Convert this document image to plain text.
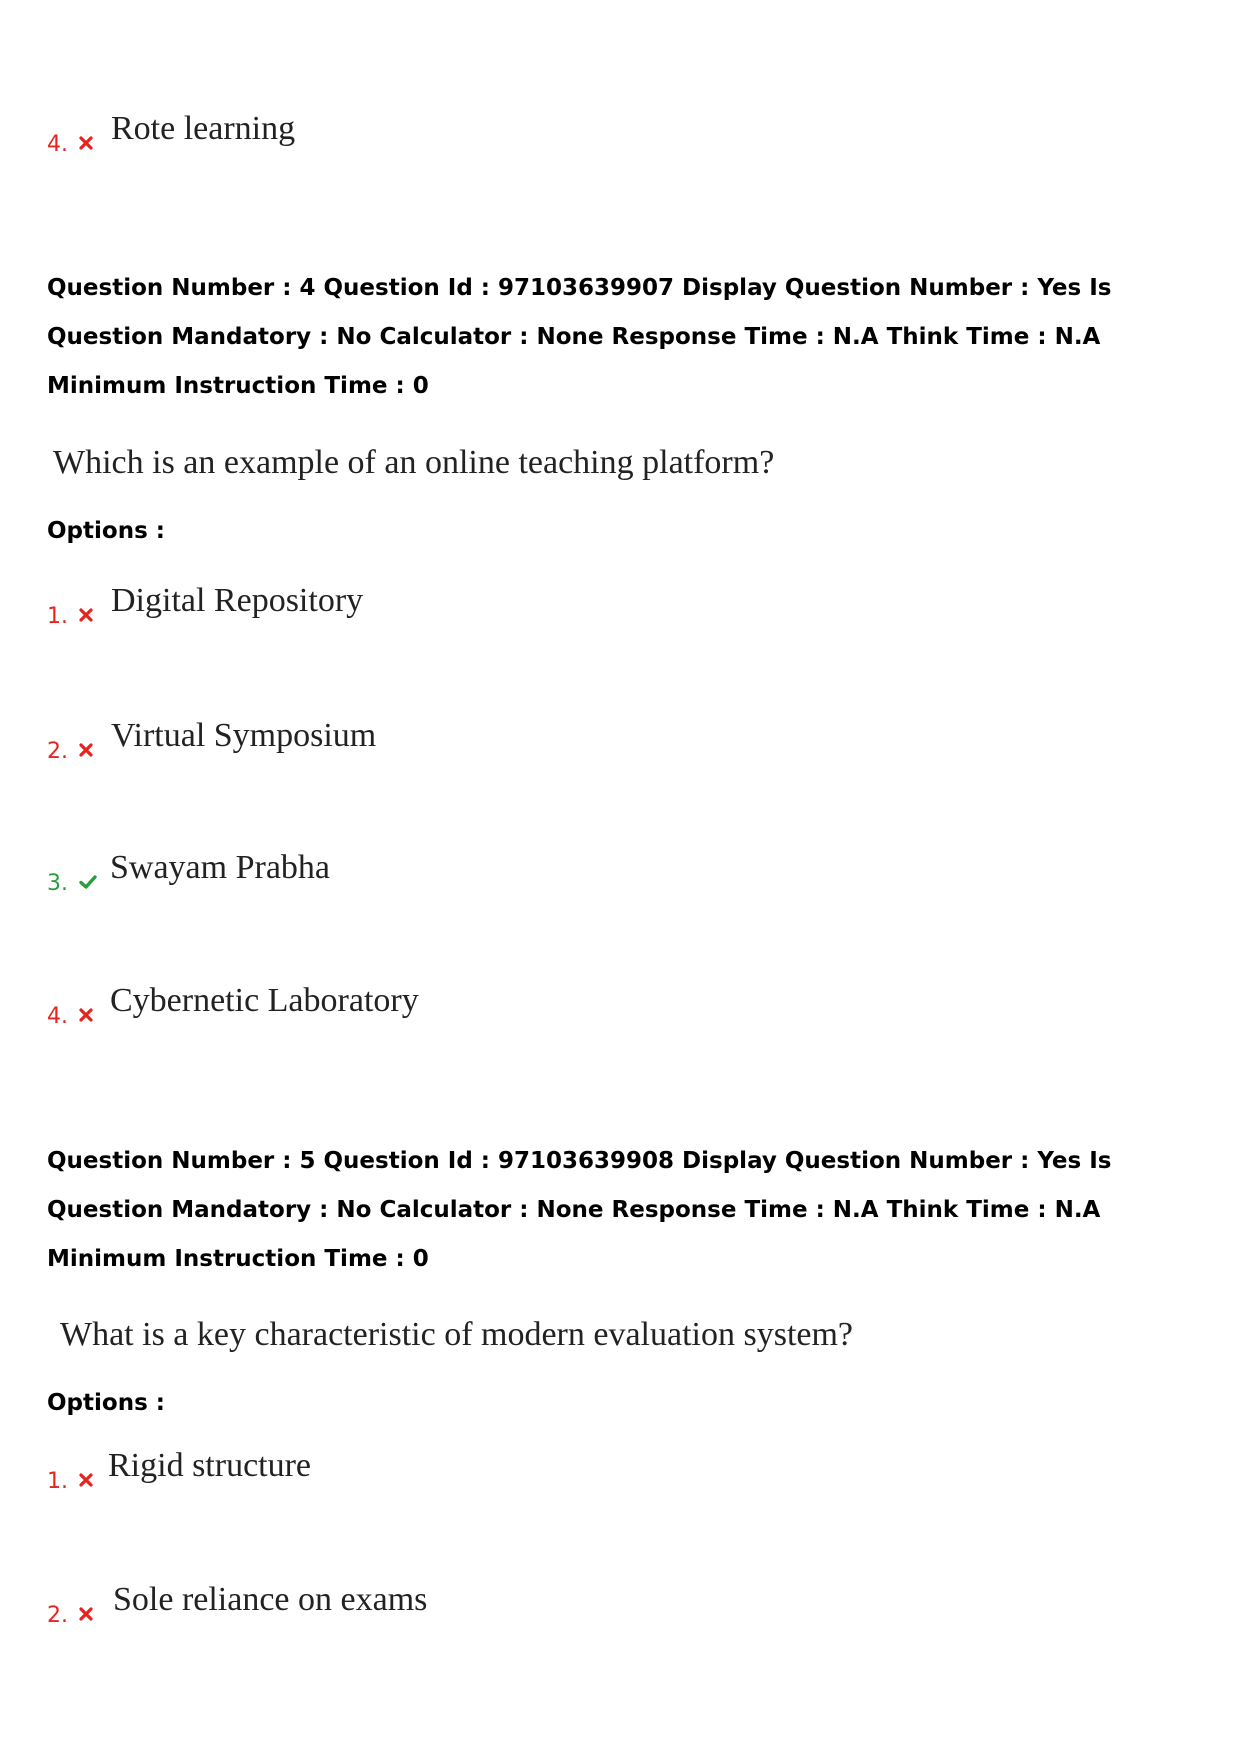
4. Rote learning
Question Number : 4 Question Id : 97103639907 Display Question Number : Yes Is Question Mandatory : No Calculator : None Response Time : N.A Think Time : N.A Minimum Instruction Time : 0
Which is an example of an online teaching platform?
Options :
1. Digital Repository
2. Virtual Symposium
3. Swayam Prabha
4. Cybernetic Laboratory
Question Number : 5 Question Id : 97103639908 Display Question Number : Yes Is Question Mandatory : No Calculator : None Response Time : N.A Think Time : N.A Minimum Instruction Time : 0
What is a key characteristic of modern evaluation system?
Options :
1. Rigid structure
2. Sole reliance on exams
